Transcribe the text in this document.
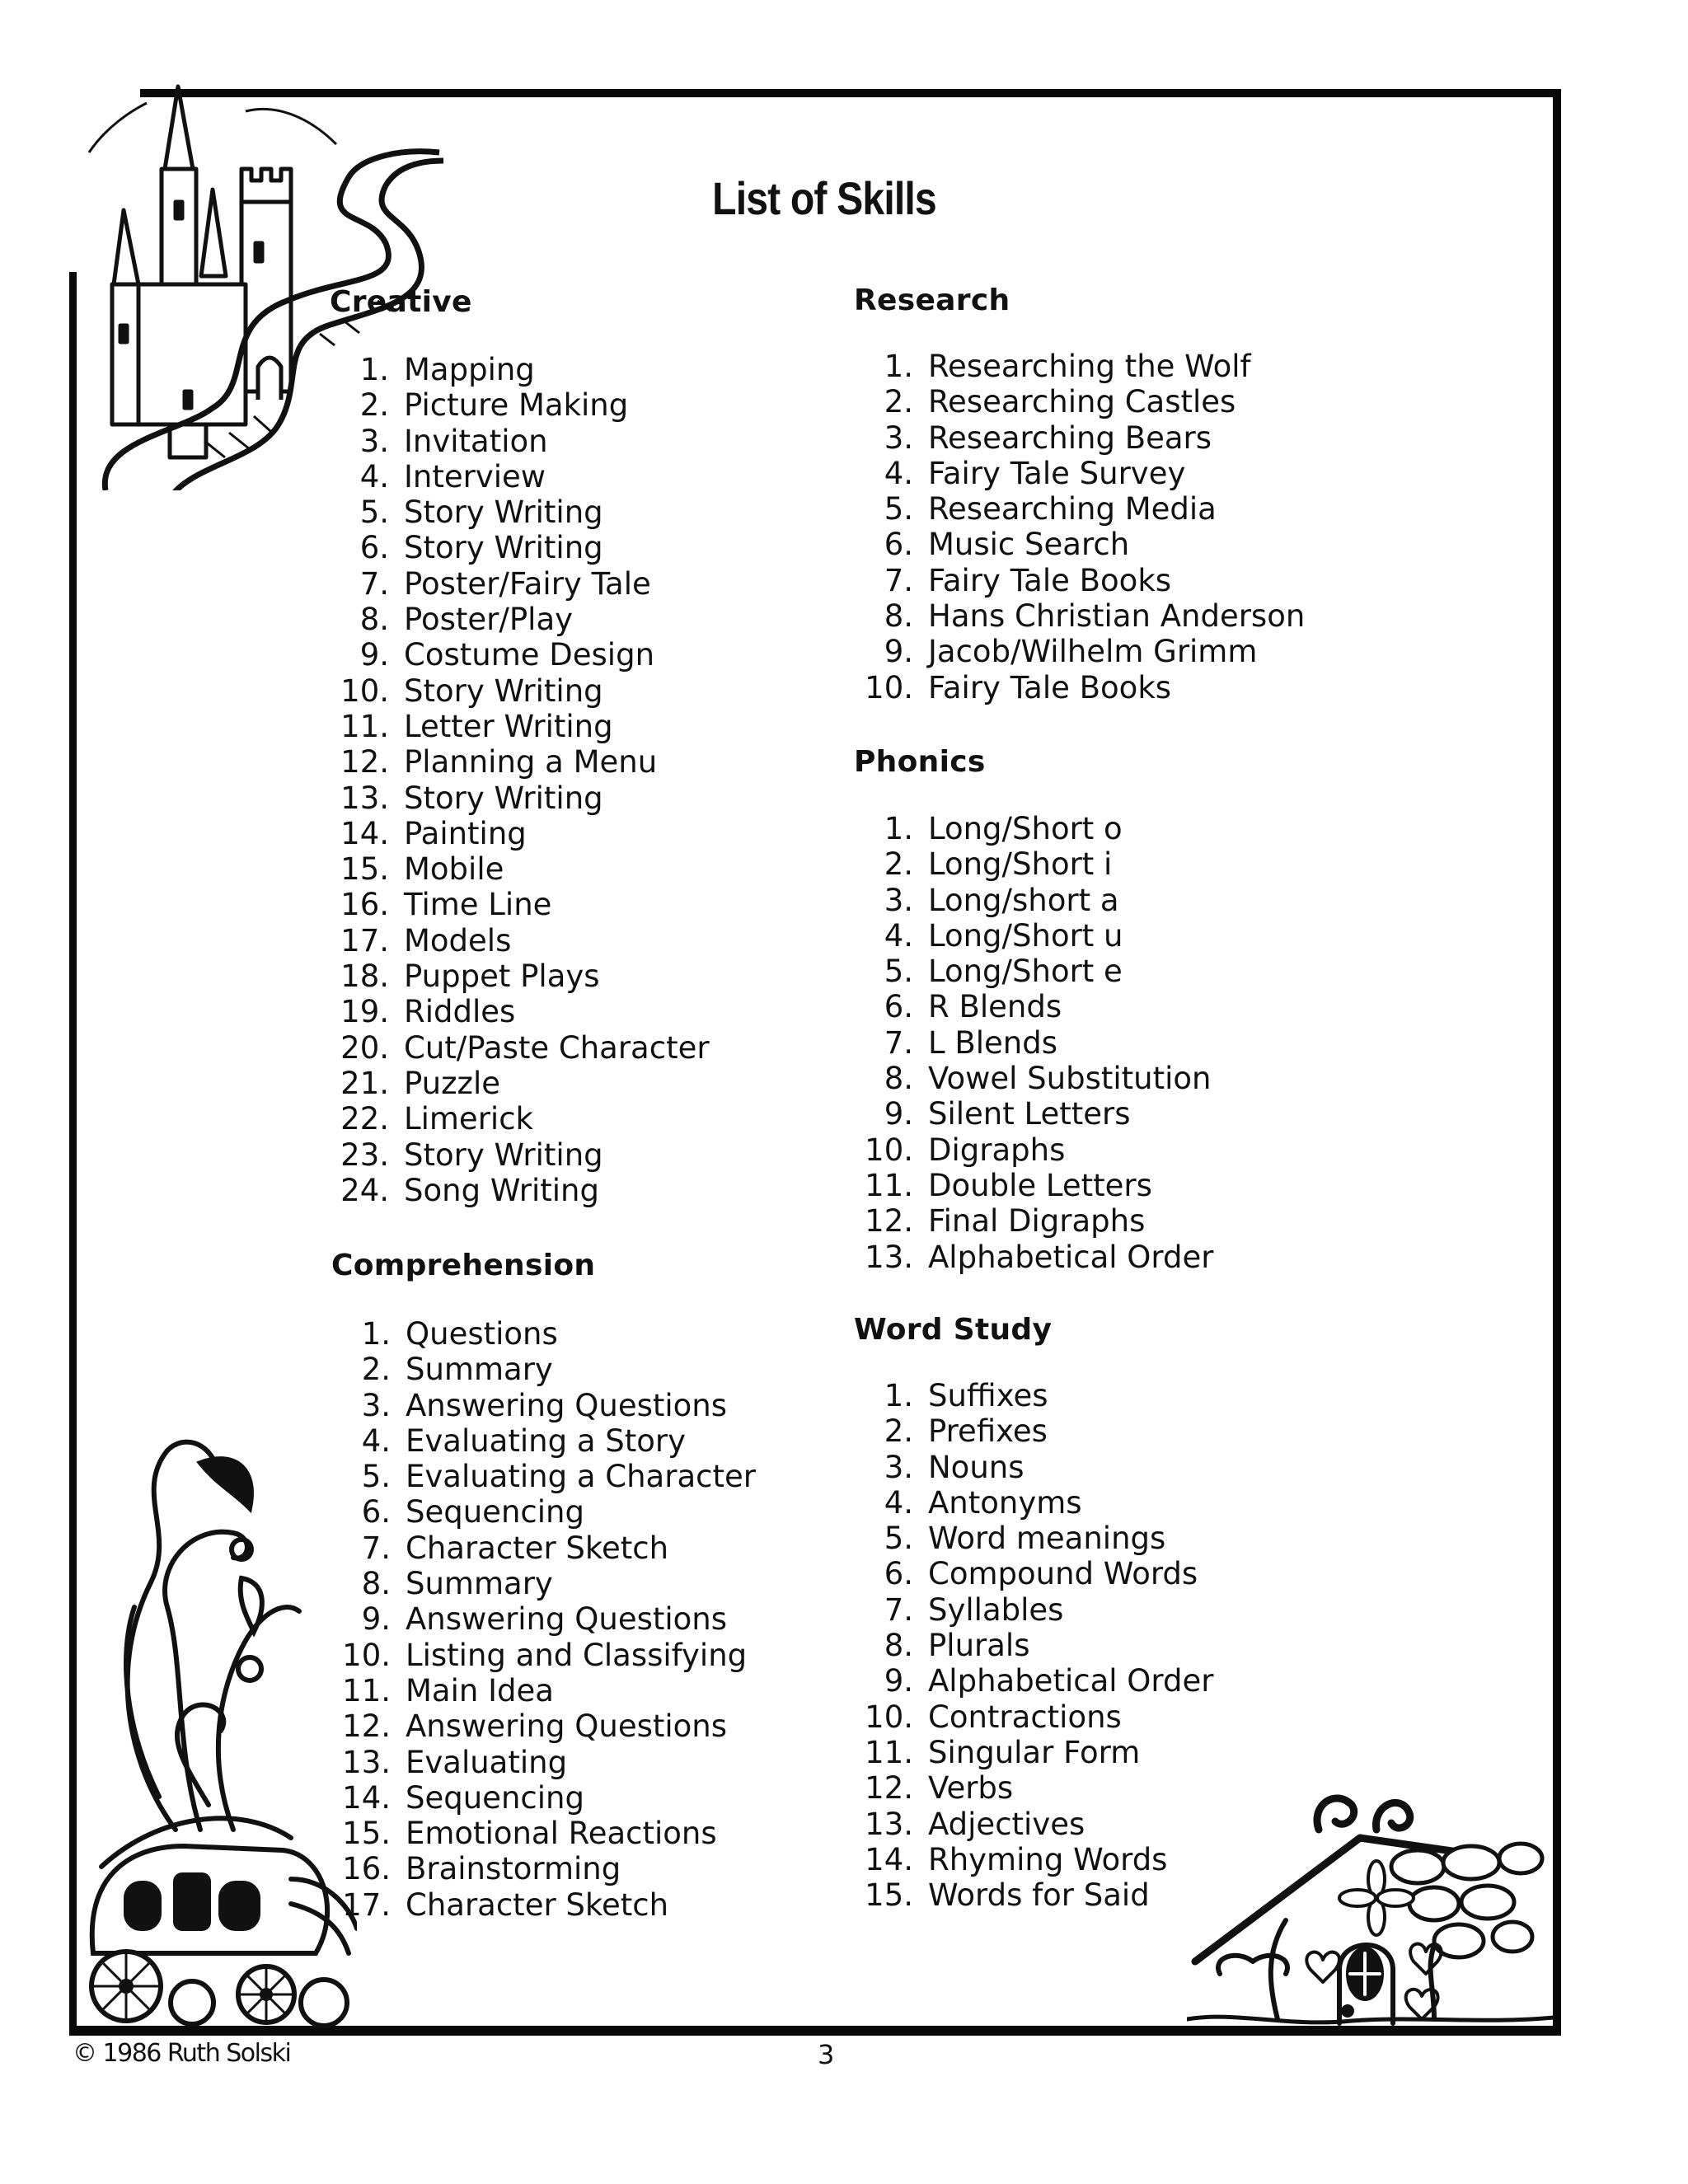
List of Skills
Creative
1. Mapping
2. Picture Making
3. Invitation
4. Interview
5. Story Writing
6. Story Writing
7. Poster/Fairy Tale
8. Poster/Play
9. Costume Design
10. Story Writing
11. Letter Writing
12. Planning a Menu
13. Story Writing
14. Painting
15. Mobile
16. Time Line
17. Models
18. Puppet Plays
19. Riddles
20. Cut/Paste Character
21. Puzzle
22. Limerick
23. Story Writing
24. Song Writing
Comprehension
1. Questions
2. Summary
3. Answering Questions
4. Evaluating a Story
5. Evaluating a Character
6. Sequencing
7. Character Sketch
8. Summary
9. Answering Questions
10. Listing and Classifying
11. Main Idea
12. Answering Questions
13. Evaluating
14. Sequencing
15. Emotional Reactions
16. Brainstorming
17. Character Sketch
Research
1. Researching the Wolf
2. Researching Castles
3. Researching Bears
4. Fairy Tale Survey
5. Researching Media
6. Music Search
7. Fairy Tale Books
8. Hans Christian Anderson
9. Jacob/Wilhelm Grimm
10. Fairy Tale Books
Phonics
1. Long/Short o
2. Long/Short i
3. Long/short a
4. Long/Short u
5. Long/Short e
6. R Blends
7. L Blends
8. Vowel Substitution
9. Silent Letters
10. Digraphs
11. Double Letters
12. Final Digraphs
13. Alphabetical Order
Word Study
1. Suffixes
2. Prefixes
3. Nouns
4. Antonyms
5. Word meanings
6. Compound Words
7. Syllables
8. Plurals
9. Alphabetical Order
10. Contractions
11. Singular Form
12. Verbs
13. Adjectives
14. Rhyming Words
15. Words for Said
© 1986 Ruth Solski	3
